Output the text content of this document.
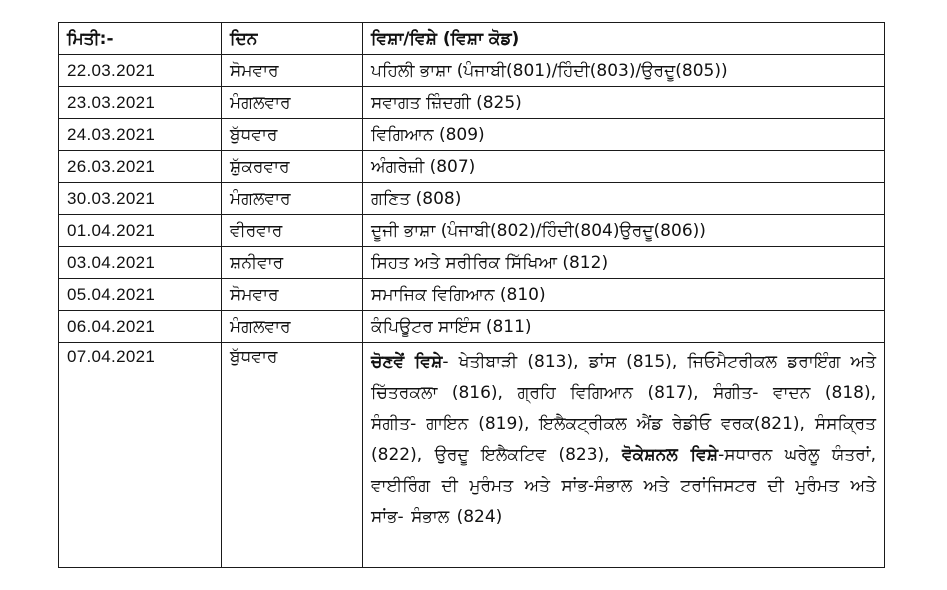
ਮਿਤੀ:-	ਦਿਨ	ਵਿਸ਼ਾ/ਵਿਸ਼ੇ (ਵਿਸ਼ਾ ਕੋਡ)
22.03.2021	ਸੋਮਵਾਰ	ਪਹਿਲੀ ਭਾਸ਼ਾ (ਪੰਜਾਬੀ(801)/ਹਿੰਦੀ(803)/ਉਰਦੂ(805))
23.03.2021	ਮੰਗਲਵਾਰ	ਸਵਾਗਤ ਜ਼ਿੰਦਗੀ (825)
24.03.2021	ਬੁੱਧਵਾਰ	ਵਿਗਿਆਨ (809)
26.03.2021	ਸ਼ੁੱਕਰਵਾਰ	ਅੰਗਰੇਜ਼ੀ (807)
30.03.2021	ਮੰਗਲਵਾਰ	ਗਣਿਤ (808)
01.04.2021	ਵੀਰਵਾਰ	ਦੂਜੀ ਭਾਸ਼ਾ (ਪੰਜਾਬੀ(802)/ਹਿੰਦੀ(804)ਉਰਦੂ(806))
03.04.2021	ਸ਼ਨੀਵਾਰ	ਸਿਹਤ ਅਤੇ ਸਰੀਰਿਕ ਸਿੱਖਿਆ (812)
05.04.2021	ਸੋਮਵਾਰ	ਸਮਾਜਿਕ ਵਿਗਿਆਨ (810)
06.04.2021	ਮੰਗਲਵਾਰ	ਕੰਪਿਊਟਰ ਸਾਇੰਸ (811)
07.04.2021	ਬੁੱਧਵਾਰ	ਚੋਣਵੇਂ ਵਿਸ਼ੇ- ਖੇਤੀਬਾੜੀ (813), ਡਾਂਸ (815), ਜਿਓਮੈਟਰੀਕਲ ਡਰਾਇੰਗ ਅਤੇ ਚਿੱਤਰਕਲਾ (816), ਗ੍ਰਹਿ ਵਿਗਿਆਨ (817), ਸੰਗੀਤ- ਵਾਦਨ (818), ਸੰਗੀਤ- ਗਾਇਨ (819), ਇਲੈਕਟ੍ਰੀਕਲ ਐਂਡ ਰੇਡੀਓ ਵਰਕ(821), ਸੰਸਕ੍ਰਿਤ (822), ਉਰਦੂ ਇਲੈਕਟਿਵ (823), ਵੋਕੇਸ਼ਨਲ ਵਿਸ਼ੇ-ਸਧਾਰਨ ਘਰੇਲੂ ਯੰਤਰਾਂ, ਵਾਈਰਿੰਗ ਦੀ ਮੁਰੰਮਤ ਅਤੇ ਸਾਂਭ-ਸੰਭਾਲ ਅਤੇ ਟਰਾਂਜਿਸਟਰ ਦੀ ਮੁਰੰਮਤ ਅਤੇ ਸਾਂਭ- ਸੰਭਾਲ (824)
